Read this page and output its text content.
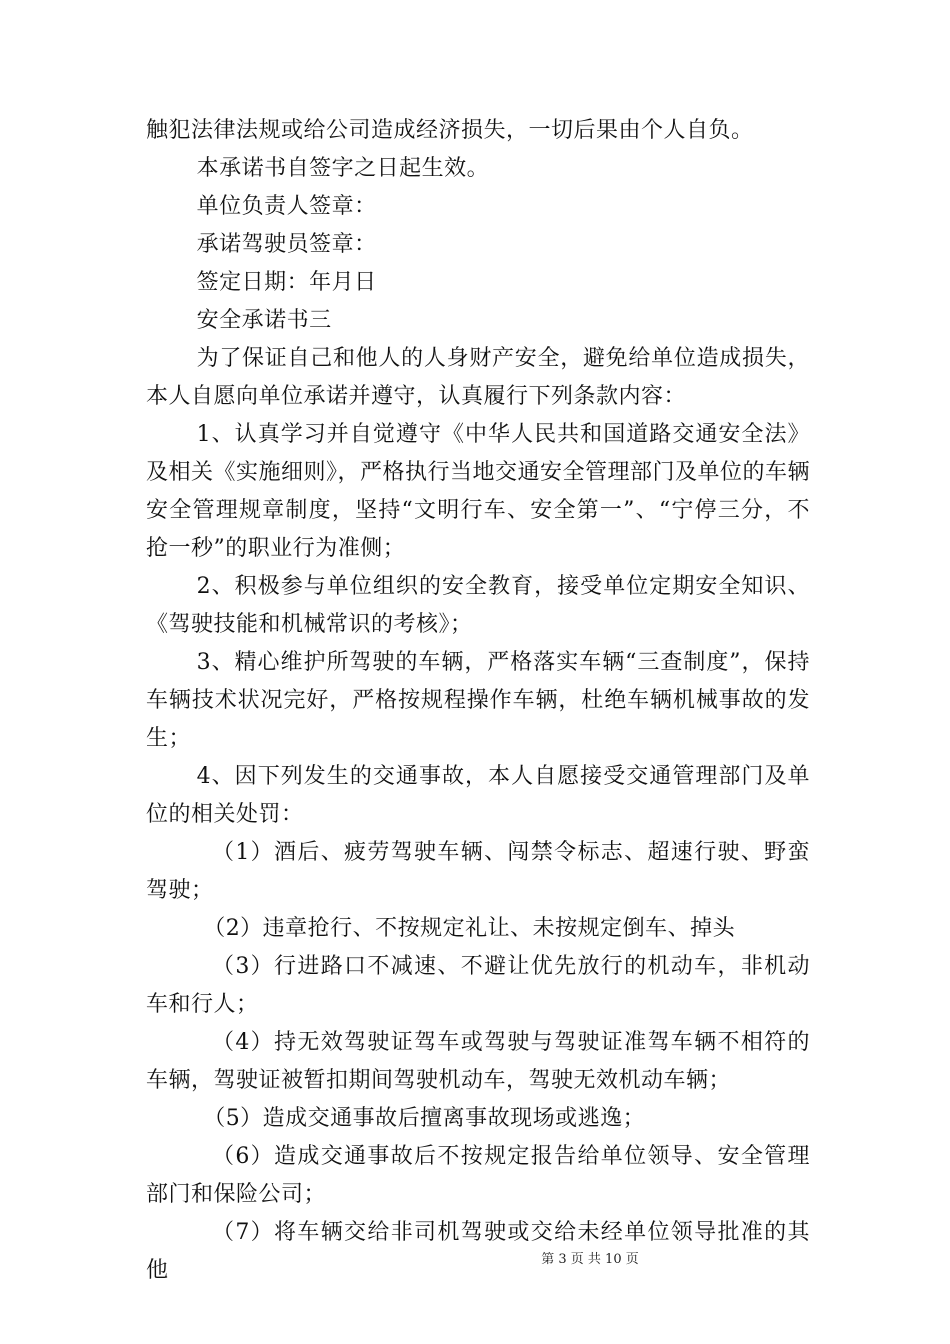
触犯法律法规或给公司造成经济损失，一切后果由个人自负。

本承诺书自签字之日起生效。

单位负责人签章：

承诺驾驶员签章：

签定日期：年月日

安全承诺书三

为了保证自己和他人的人身财产安全，避免给单位造成损失，本人自愿向单位承诺并遵守，认真履行下列条款内容：

1、认真学习并自觉遵守《中华人民共和国道路交通安全法》及相关《实施细则》，严格执行当地交通安全管理部门及单位的车辆安全管理规章制度，坚持“文明行车、安全第一”、“宁停三分，不抢一秒”的职业行为准侧；

2、积极参与单位组织的安全教育，接受单位定期安全知识、《驾驶技能和机械常识的考核》；

3、精心维护所驾驶的车辆，严格落实车辆“三查制度”，保持车辆技术状况完好，严格按规程操作车辆，杜绝车辆机械事故的发生；

4、因下列发生的交通事故，本人自愿接受交通管理部门及单位的相关处罚：

（1）酒后、疲劳驾驶车辆、闯禁令标志、超速行驶、野蛮驾驶；

（2）违章抢行、不按规定礼让、未按规定倒车、掉头

（3）行进路口不减速、不避让优先放行的机动车，非机动车和行人；

（4）持无效驾驶证驾车或驾驶与驾驶证准驾车辆不相符的车辆，驾驶证被暂扣期间驾驶机动车，驾驶无效机动车辆；

（5）造成交通事故后擅离事故现场或逃逸；

（6）造成交通事故后不按规定报告给单位领导、安全管理部门和保险公司；

（7）将车辆交给非司机驾驶或交给未经单位领导批准的其他	第 3 页 共 10 页
